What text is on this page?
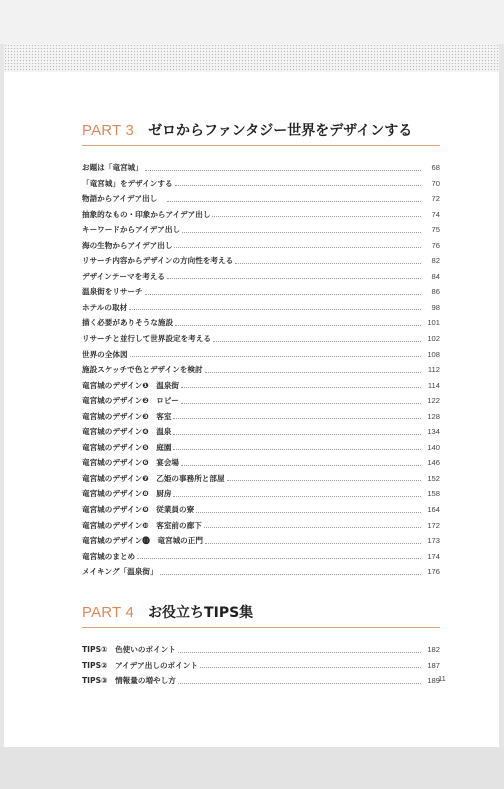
PART 3 ゼロからファンタジー世界をデザインする
お題は「竜宮城」	68
「竜宮城」をデザインする	70
物語からアイデア出し　	72
抽象的なもの・印象からアイデア出し	74
キーワードからアイデア出し	75
海の生物からアイデア出し	76
リサーチ内容からデザインの方向性を考える	82
デザインテーマを考える	84
温泉街をリサーチ	86
ホテルの取材	98
描く必要がありそうな施設	101
リサーチと並行して世界設定を考える	102
世界の全体図	108
施設スケッチで色とデザインを検討	112
竜宮城のデザイン❶　温泉街	114
竜宮城のデザイン❷　ロビー	122
竜宮城のデザイン❸　客室	128
竜宮城のデザイン❹　温泉	134
竜宮城のデザイン❺　庭園	140
竜宮城のデザイン❻　宴会場	146
竜宮城のデザイン❼　乙姫の事務所と部屋	152
竜宮城のデザイン❽　厨房	158
竜宮城のデザイン❾　従業員の寮	164
竜宮城のデザイン❿　客室前の廊下	172
竜宮城のデザイン⓫　竜宮城の正門	173
竜宮城のまとめ	174
メイキング「温泉街」	176
PART 4 お役立ちTIPS集
TIPS①　色使いのポイント	182
TIPS②　アイデア出しのポイント	187
TIPS③　情報量の増やし方	189
11
